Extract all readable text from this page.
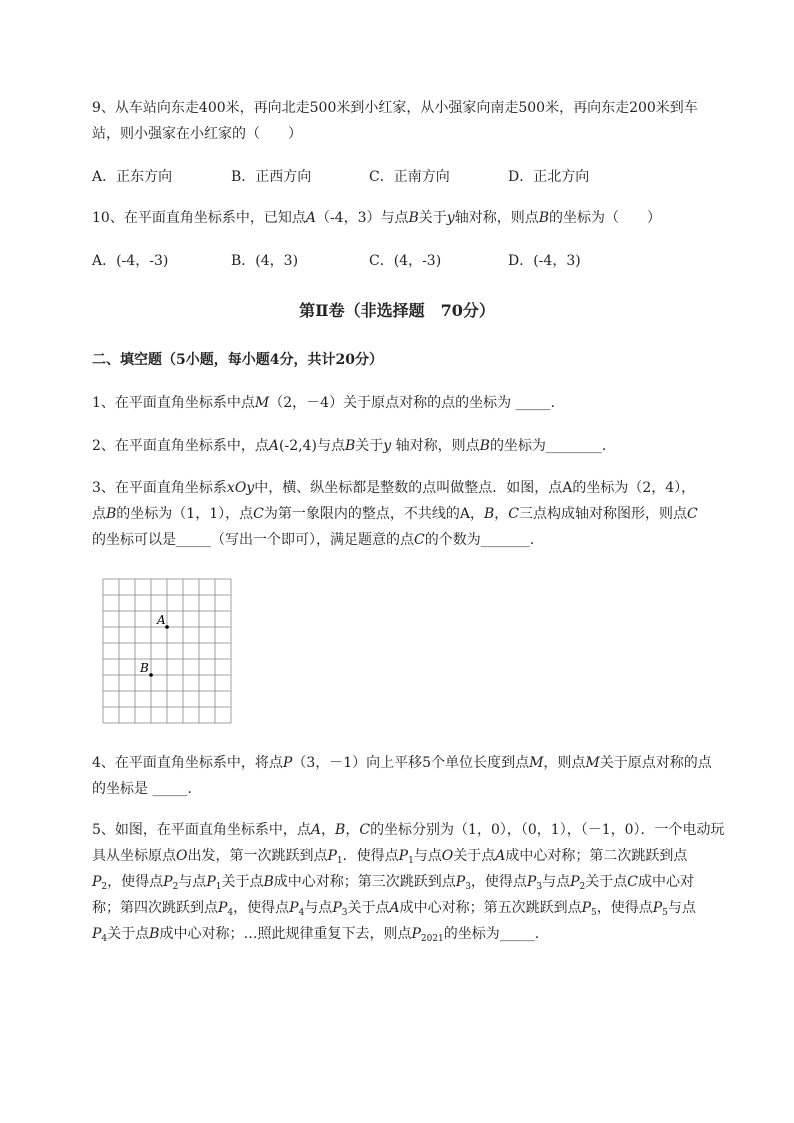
9、从车站向东走400米，再向北走500米到小红家，从小强家向南走500米，再向东走200米到车
站，则小强家在小红家的（　　）
A．正东方向	B．正西方向	C．正南方向	D．正北方向
10、在平面直角坐标系中，已知点A（-4，3）与点B关于y轴对称，则点B的坐标为（　　）
A．(-4，-3)	B．(4，3)	C．(4，-3)	D．(-4，3)
第Ⅱ卷（非选择题　70分）
二、填空题（5小题，每小题4分，共计20分）
1、在平面直角坐标系中点M（2，－4）关于原点对称的点的坐标为 _____.
2、在平面直角坐标系中，点A(-2,4)与点B关于y 轴对称，则点B的坐标为________.
3、在平面直角坐标系xOy中，横、纵坐标都是整数的点叫做整点．如图，点A的坐标为（2，4），
点B的坐标为（1，1），点C为第一象限内的整点，不共线的A，B，C三点构成轴对称图形，则点C
的坐标可以是_____（写出一个即可），满足题意的点C的个数为_______.
A
B
4、在平面直角坐标系中，将点P（3，－1）向上平移5个单位长度到点M，则点M关于原点对称的点
的坐标是 _____.
5、如图，在平面直角坐标系中，点A，B，C的坐标分别为（1，0），（0，1），（－1，0）．一个电动玩
具从坐标原点O出发，第一次跳跃到点$P_1$．使得点$P_1$与点O关于点A成中心对称；第二次跳跃到点
$P_2$，使得点$P_2$与点$P_1$关于点B成中心对称；第三次跳跃到点$P_3$，使得点$P_3$与点$P_2$关于点C成中心对
称；第四次跳跃到点$P_4$，使得点$P_4$与点$P_3$关于点A成中心对称；第五次跳跃到点$P_5$，使得点$P_5$与点
$P_4$关于点B成中心对称；…照此规律重复下去，则点$P_{2021}$的坐标为_____.
